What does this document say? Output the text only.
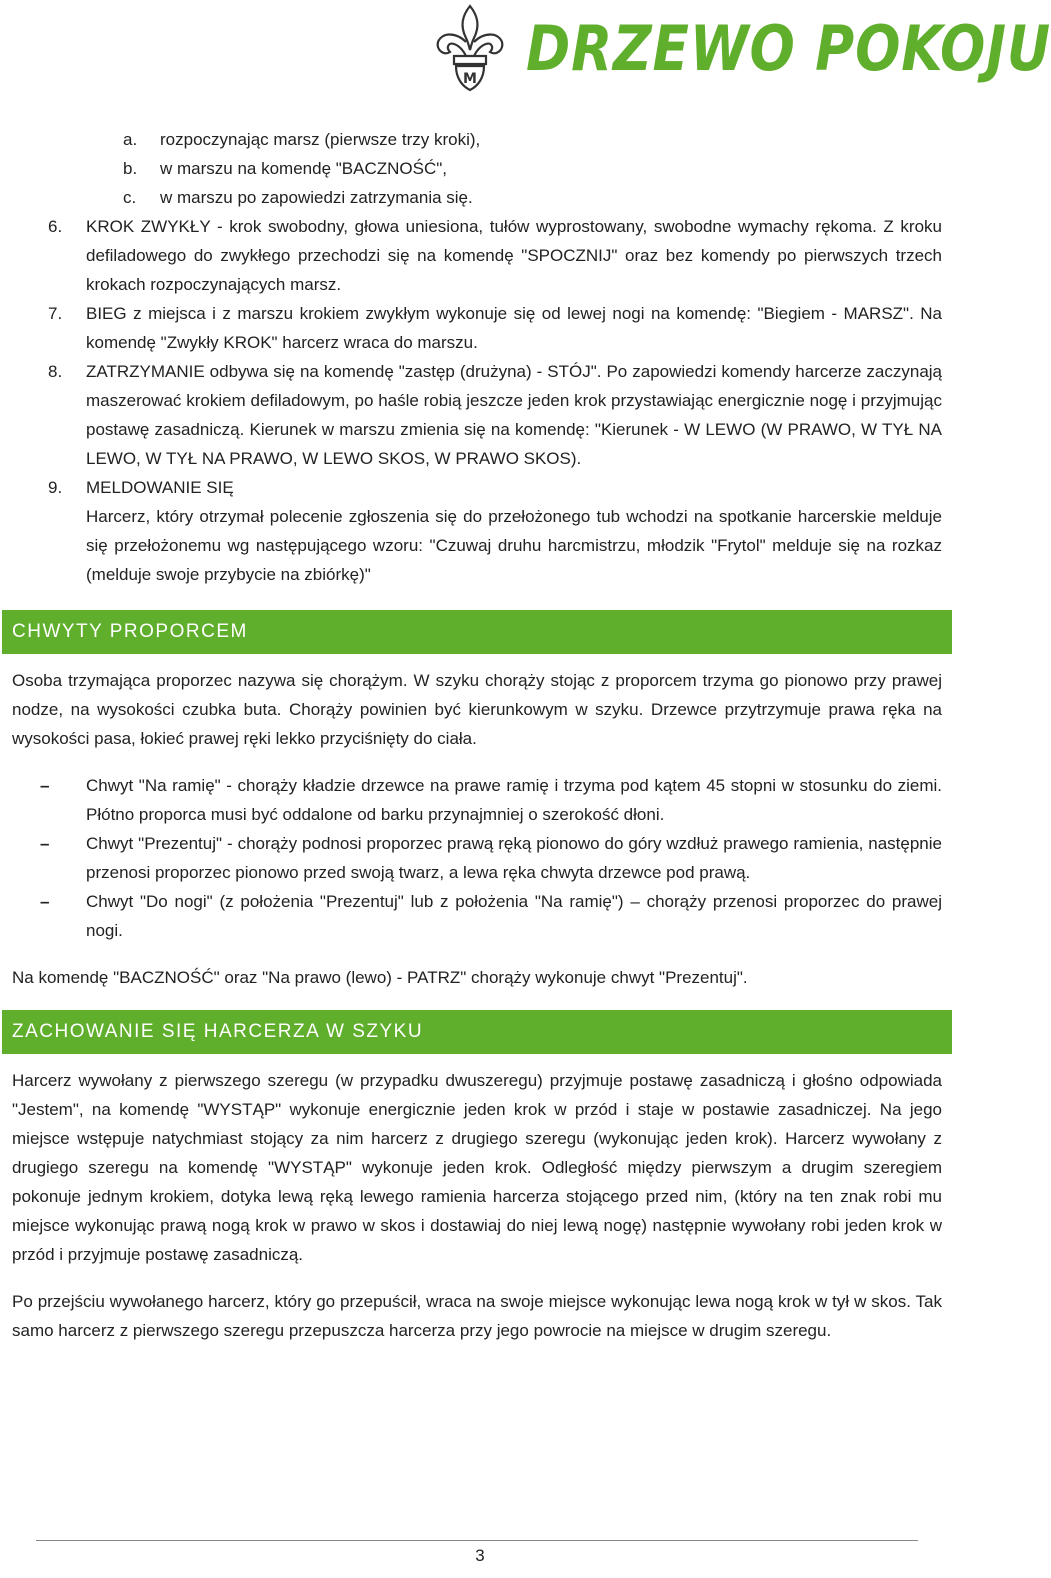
M DRZEWO POKOJU
a. rozpoczynając marsz (pierwsze trzy kroki),
b. w marszu na komendę "BACZNOŚĆ",
c. w marszu po zapowiedzi zatrzymania się.
6. KROK ZWYKŁY - krok swobodny, głowa uniesiona, tułów wyprostowany, swobodne wymachy rękoma. Z kroku defiladowego do zwykłego przechodzi się na komendę "SPOCZNIJ" oraz bez komendy po pierwszych trzech krokach rozpoczynających marsz.
7. BIEG z miejsca i z marszu krokiem zwykłym wykonuje się od lewej nogi na komendę: "Biegiem - MARSZ". Na komendę "Zwykły KROK" harcerz wraca do marszu.
8. ZATRZYMANIE odbywa się na komendę "zastęp (drużyna) - STÓJ". Po zapowiedzi komendy harcerze zaczynają maszerować krokiem defiladowym, po haśle robią jeszcze jeden krok przystawiając energicznie nogę i przyjmując postawę zasadniczą. Kierunek w marszu zmienia się na komendę: "Kierunek - W LEWO (W PRAWO, W TYŁ NA LEWO, W TYŁ NA PRAWO, W LEWO SKOS, W PRAWO SKOS).
9. MELDOWANIE SIĘ
Harcerz, który otrzymał polecenie zgłoszenia się do przełożonego tub wchodzi na spotkanie harcerskie melduje się przełożonemu wg następującego wzoru: "Czuwaj druhu harcmistrzu, młodzik "Frytol" melduje się na rozkaz (melduje swoje przybycie na zbiórkę)"
CHWYTY PROPORCEM
Osoba trzymająca proporzec nazywa się chorążym. W szyku chorąży stojąc z proporcem trzyma go pionowo przy prawej nodze, na wysokości czubka buta. Chorąży powinien być kierunkowym w szyku. Drzewce przytrzymuje prawa ręka na wysokości pasa, łokieć prawej ręki lekko przyciśnięty do ciała.
– Chwyt "Na ramię" - chorąży kładzie drzewce na prawe ramię i trzyma pod kątem 45 stopni w stosunku do ziemi. Płótno proporca musi być oddalone od barku przynajmniej o szerokość dłoni.
– Chwyt "Prezentuj" - chorąży podnosi proporzec prawą ręką pionowo do góry wzdłuż prawego ramienia, następnie przenosi proporzec pionowo przed swoją twarz, a lewa ręka chwyta drzewce pod prawą.
– Chwyt "Do nogi" (z położenia "Prezentuj" lub z położenia "Na ramię") – chorąży przenosi proporzec do prawej nogi.
Na komendę "BACZNOŚĆ" oraz "Na prawo (lewo) - PATRZ" chorąży wykonuje chwyt "Prezentuj".
ZACHOWANIE SIĘ HARCERZA W SZYKU
Harcerz wywołany z pierwszego szeregu (w przypadku dwuszeregu) przyjmuje postawę zasadniczą i głośno odpowiada "Jestem", na komendę "WYSTĄP" wykonuje energicznie jeden krok w przód i staje w postawie zasadniczej. Na jego miejsce wstępuje natychmiast stojący za nim harcerz z drugiego szeregu (wykonując jeden krok). Harcerz wywołany z drugiego szeregu na komendę "WYSTĄP" wykonuje jeden krok. Odległość między pierwszym a drugim szeregiem pokonuje jednym krokiem, dotyka lewą ręką lewego ramienia harcerza stojącego przed nim, (który na ten znak robi mu miejsce wykonując prawą nogą krok w prawo w skos i dostawiaj do niej lewą nogę) następnie wywołany robi jeden krok w przód i przyjmuje postawę zasadniczą.
Po przejściu wywołanego harcerz, który go przepuścił, wraca na swoje miejsce wykonując lewa nogą krok w tył w skos. Tak samo harcerz z pierwszego szeregu przepuszcza harcerza przy jego powrocie na miejsce w drugim szeregu.
3
